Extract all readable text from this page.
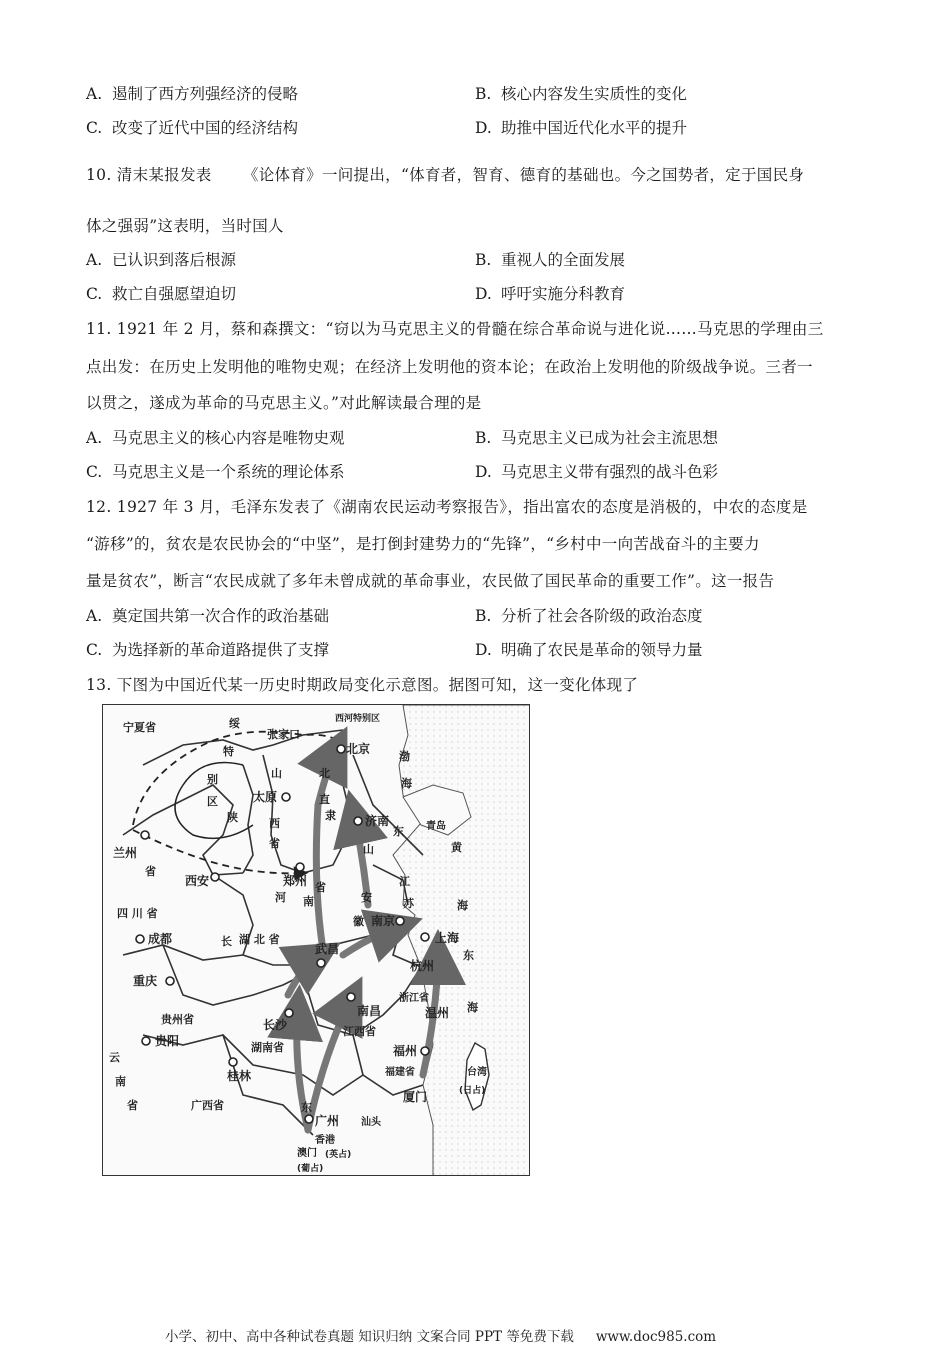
A. 遏制了西方列强经济的侵略	B. 核心内容发生实质性的变化
C. 改变了近代中国的经济结构	D. 助推中国近代化水平的提升
10. 清末某报发表      《论体育》一问提出，“体育者，智育、德育的基础也。今之国势者，定于国民身
体之强弱”这表明，当时国人
A. 已认识到落后根源	B. 重视人的全面发展
C. 救亡自强愿望迫切	D. 呼吁实施分科教育
11. 1921 年 2 月，蔡和森撰文：“窃以为马克思主义的骨髓在综合革命说与进化说……马克思的学理由三
点出发：在历史上发明他的唯物史观；在经济上发明他的资本论；在政治上发明他的阶级战争说。三者一
以贯之，遂成为革命的马克思主义。”对此解读最合理的是
A. 马克思主义的核心内容是唯物史观	B. 马克思主义已成为社会主流思想
C. 马克思主义是一个系统的理论体系	D. 马克思主义带有强烈的战斗色彩
12. 1927 年 3 月，毛泽东发表了《湖南农民运动考察报告》，指出富农的态度是消极的，中农的态度是
“游移”的，贫农是农民协会的“中坚”，是打倒封建势力的“先锋”，“乡村中一向苦战奋斗的主要力
量是贫农”，断言“农民成就了多年未曾成就的革命事业，农民做了国民革命的重要工作”。这一报告
A. 奠定国共第一次合作的政治基础	B. 分析了社会各阶级的政治态度
C. 为选择新的革命道路提供了支撑	D. 明确了农民是革命的领导力量
13. 下图为中国近代某一历史时期政局变化示意图。据图可知，这一变化体现了
北京
张家口
太原
济南	青岛
兰州
西安	郑州
南京
上海
杭州
武昌
成都
重庆
长沙
南昌	温州
福州
贵阳
桂林
厦门
广州 汕头
香港
澳门
西河特别区
宁夏省	绥
特
别
区
山
西
省
北
直
隶
山
东
省
陕
河 南
省	江
苏
安
徽
四 川 省
湖 北 省
长
浙江省
江西省
湖南省
福建省
贵州省
云
南
省	广西省	东
台湾
(日占)
(英占)
(葡占)
渤
海
黄
海
东
海
小学、初中、高中各种试卷真题 知识归纳 文案合同 PPT 等免费下载 www.doc985.com
